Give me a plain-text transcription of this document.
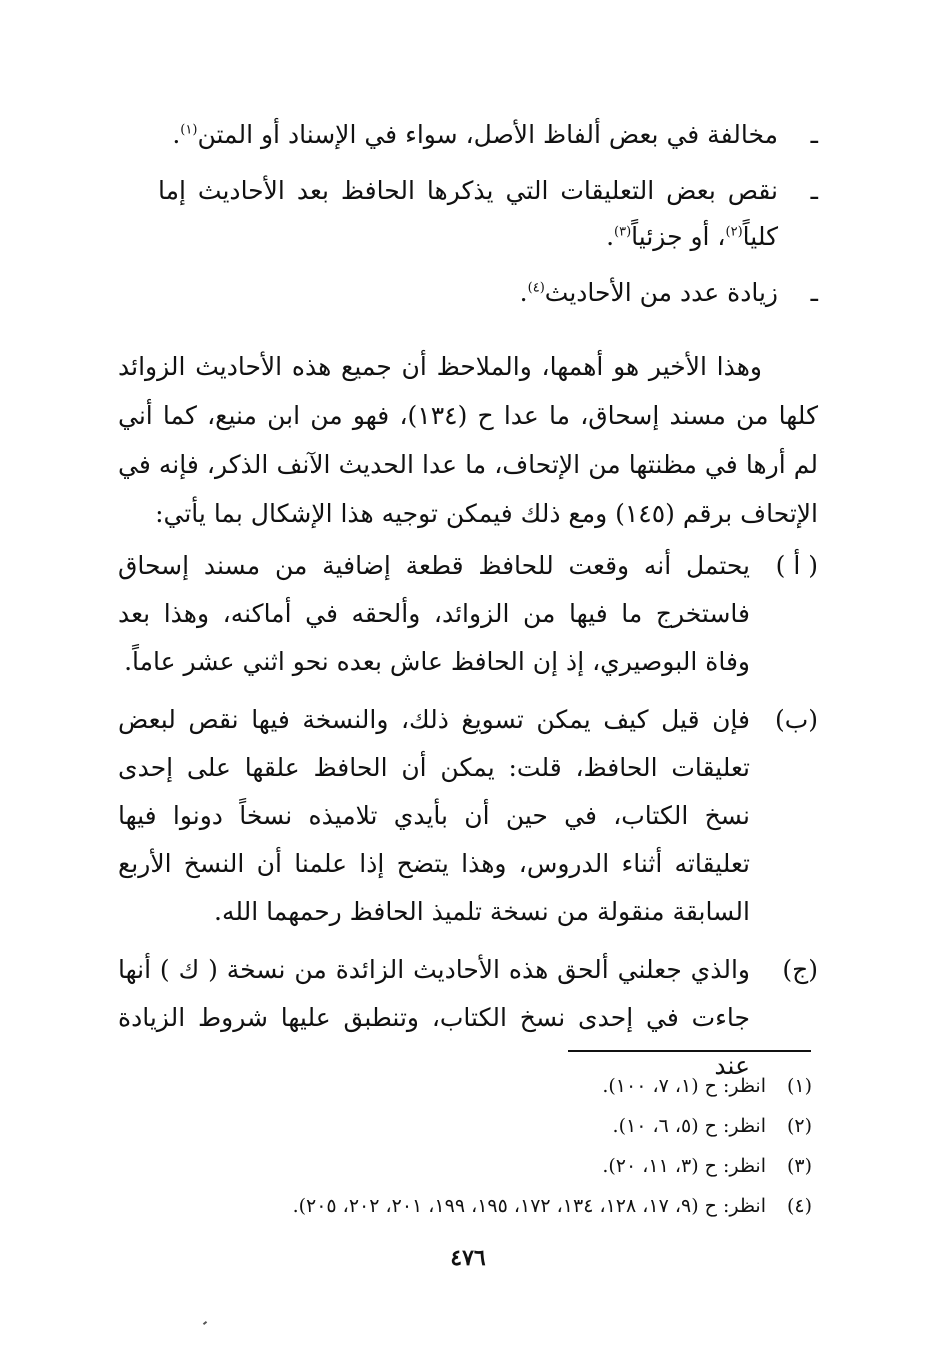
ـ
مخالفة في بعض ألفاظ الأصل، سواء في الإسناد أو المتن$^{(١)}$.

ـ
نقص بعض التعليقات التي يذكرها الحافظ بعد الأحاديث إما كلياً$^{(٢)}$، أو جزئياً$^{(٣)}$.

ـ
زيادة عدد من الأحاديث$^{(٤)}$.

وهذا الأخير هو أهمها، والملاحظ أن جميع هذه الأحاديث الزوائد كلها من مسند إسحاق، ما عدا ح (١٣٤)، فهو من ابن منيع، كما أني لم أرها في مظنتها من الإتحاف، ما عدا الحديث الآنف الذكر، فإنه في الإتحاف برقم (١٤٥) ومع ذلك فيمكن توجيه هذا الإشكال بما يأتي:

( أ )
يحتمل أنه وقعت للحافظ قطعة إضافية من مسند إسحاق فاستخرج ما فيها من الزوائد، وألحقه في أماكنه، وهذا بعد وفاة البوصيري، إذ إن الحافظ عاش بعده نحو اثني عشر عاماً.

(ب)
فإن قيل كيف يمكن تسويغ ذلك، والنسخة فيها نقص لبعض تعليقات الحافظ، قلت: يمكن أن الحافظ علقها على إحدى نسخ الكتاب، في حين أن بأيدي تلاميذه نسخاً دونوا فيها تعليقاته أثناء الدروس، وهذا يتضح إذا علمنا أن النسخ الأربع السابقة منقولة من نسخة تلميذ الحافظ رحمهما الله.

(ج)
والذي جعلني ألحق هذه الأحاديث الزائدة من نسخة ( ك ) أنها جاءت في إحدى نسخ الكتاب، وتنطبق عليها شروط الزيادة عند

(١)
انظر: ح (١، ٧، ١٠٠).

(٢)
انظر: ح (٥، ٦، ١٠).

(٣)
انظر: ح (٣، ١١، ٢٠).

(٤)
انظر: ح (٩، ١٧، ١٢٨، ١٣٤، ١٧٢، ١٩٥، ١٩٩، ٢٠١، ٢٠٢، ٢٠٥).

٤٧٦
